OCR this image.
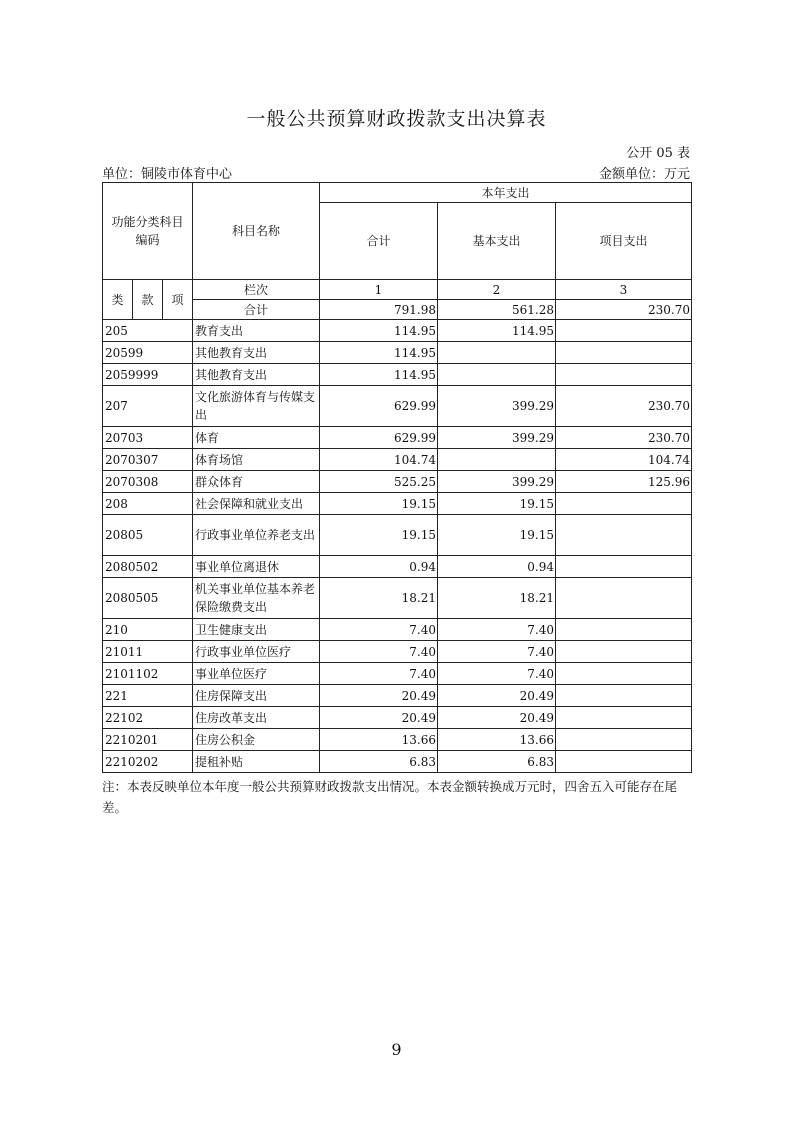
一般公共预算财政拨款支出决算表
公开 05 表
单位：铜陵市体育中心	金额单位：万元
功能分类科目编码			科目名称	本年支出		
				合计	基本支出	项目支出
类	款	项	栏次	1	2	3
			合计	791.98	561.28	230.70
205			教育支出	114.95	114.95	
20599			其他教育支出	114.95		
2059999			其他教育支出	114.95		
207			文化旅游体育与传媒支出	629.99	399.29	230.70
20703			体育	629.99	399.29	230.70
2070307			体育场馆	104.74		104.74
2070308			群众体育	525.25	399.29	125.96
208			社会保障和就业支出	19.15	19.15	
20805			行政事业单位养老支出	19.15	19.15	
2080502			事业单位离退休	0.94	0.94	
2080505			机关事业单位基本养老保险缴费支出	18.21	18.21	
210			卫生健康支出	7.40	7.40	
21011			行政事业单位医疗	7.40	7.40	
2101102			事业单位医疗	7.40	7.40	
221			住房保障支出	20.49	20.49	
22102			住房改革支出	20.49	20.49	
2210201			住房公积金	13.66	13.66	
2210202			提租补贴	6.83	6.83	
注：本表反映单位本年度一般公共预算财政拨款支出情况。本表金额转换成万元时，四舍五入可能存在尾差。
9
